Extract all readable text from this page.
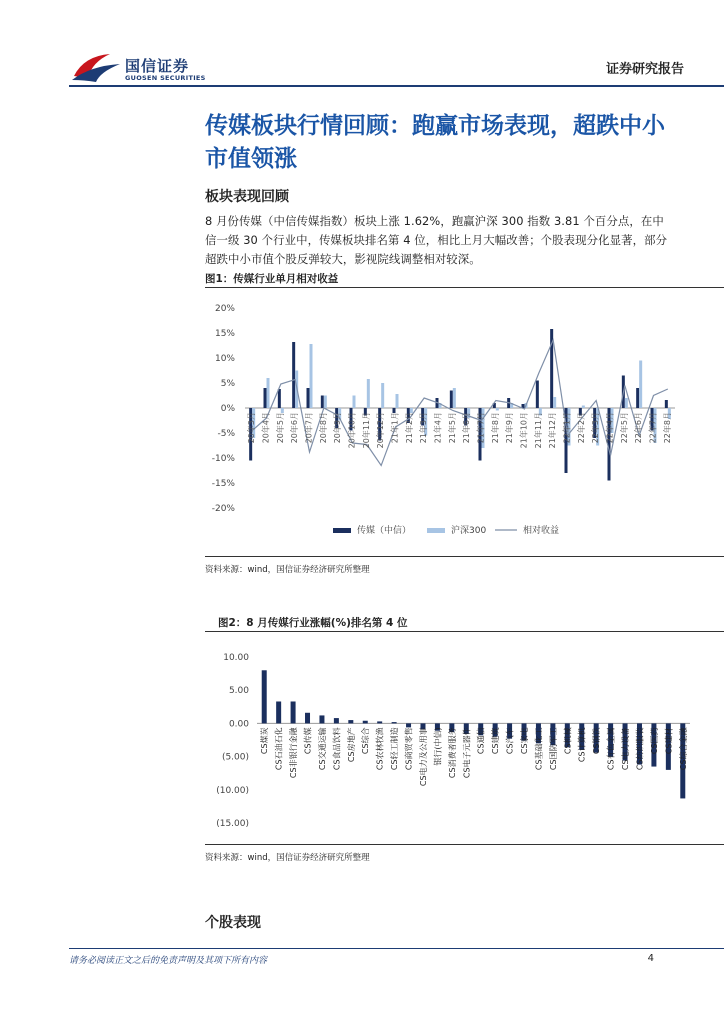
国信证券
GUOSEN SECURITIES
证券研究报告
传媒板块行情回顾：跑赢市场表现，超跌中小市值领涨
板块表现回顾

8 月份传媒（中信传媒指数）板块上涨 1.62%，跑赢沪深 300 指数 3.81 个百分点，在中信一级 30 个行业中，传媒板块排名第 4 位，相比上月大幅改善；个股表现分化显著，部分超跌中小市值个股反弹较大，影视院线调整相对较深。

图1：传媒行业单月相对收益
20%
15%
10%
5%
0%
-5%
-10%
-15%
-20%
20年3月 20年4月 20年5月 20年6月 20年7月 20年8月 20年9月 20年10月 20年11月 20年12月 21年1月 21年2月 21年3月 21年4月 21年5月 21年6月 21年7月 21年8月 21年9月 21年10月 21年11月 21年12月 22年1月 22年2月 22年3月 22年4月 22年5月 22年6月 22年7月 22年8月
传媒（中信）	沪深300	相对收益
资料来源：wind，国信证券经济研究所整理
图2：8 月传媒行业涨幅(%)排名第 4 位
10.00
5.00
0.00
(5.00)
(10.00)
(15.00)
CS煤炭 CS石油石化 CS非银行金融 CS传媒 CS交通运输 CS食品饮料 CS房地产 CS综合 CS农林牧渔 CS轻工制造 CS商贸零售 CS电力及公用事 银行(中信) CS消费者服务 CS电子元器件 CS通信 CS建筑 CS汽车 CS家电 CS基础化工 CS国防军工 CS机械 CS计算机 CS钢铁 CS有色金属 CS电力设备 CS纺织服装 CS医药 CS建材 CS综合金融
资料来源：wind，国信证券经济研究所整理
个股表现
请务必阅读正文之后的免责声明及其项下所有内容	4
